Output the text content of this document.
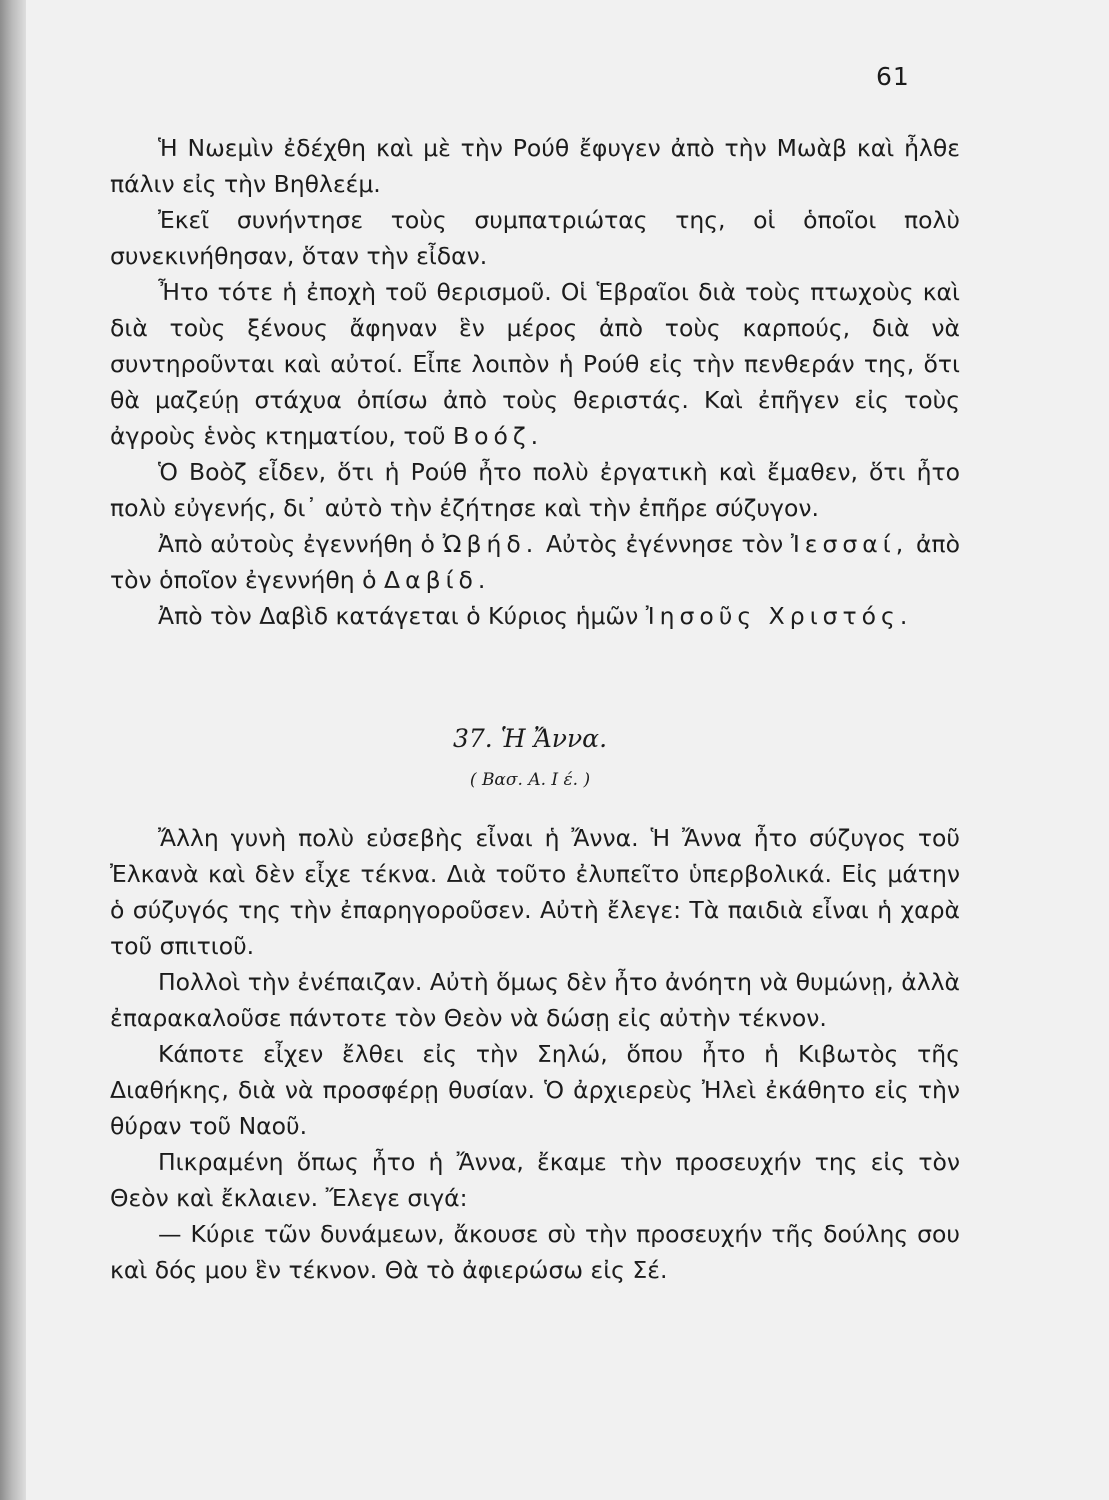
61

Ἡ Νωεμὶν ἐδέχθη καὶ μὲ τὴν Ρούθ ἔφυγεν ἀπὸ τὴν Μωὰβ καὶ ἦλθε πάλιν εἰς τὴν Βηθλεέμ.

Ἐκεῖ συνήντησε τοὺς συμπατριώτας της, οἱ ὁποῖοι πολὺ συνεκινήθησαν, ὅταν τὴν εἶδαν.

Ἦτο τότε ἡ ἐποχὴ τοῦ θερισμοῦ. Οἱ Ἑβραῖοι διὰ τοὺς πτωχοὺς καὶ διὰ τοὺς ξένους ἄφηναν ἓν μέρος ἀπὸ τοὺς καρπούς, διὰ νὰ συντηροῦνται καὶ αὐτοί. Εἶπε λοιπὸν ἡ Ρούθ εἰς τὴν πενθεράν της, ὅτι θὰ μαζεύῃ στάχυα ὀπίσω ἀπὸ τοὺς θεριστάς. Καὶ ἐπῆγεν εἰς τοὺς ἀγροὺς ἑνὸς κτηματίου, τοῦ Βοόζ.

Ὁ Βοὸζ εἶδεν, ὅτι ἡ Ρούθ ἦτο πολὺ ἐργατικὴ καὶ ἔμαθεν, ὅτι ἦτο πολὺ εὐγενής, δι᾽ αὐτὸ τὴν ἐζήτησε καὶ τὴν ἐπῆρε σύζυγον.

Ἀπὸ αὐτοὺς ἐγεννήθη ὁ Ὠβήδ. Αὐτὸς ἐγέννησε τὸν Ἰεσσαί, ἀπὸ τὸν ὁποῖον ἐγεννήθη ὁ Δαβίδ.

Ἀπὸ τὸν Δαβὶδ κατάγεται ὁ Κύριος ἡμῶν Ἰησοῦς Χριστός.

37. Ἡ Ἄννα.
( Βασ. Α. Ι έ. )

Ἄλλη γυνὴ πολὺ εὐσεβὴς εἶναι ἡ Ἄννα. Ἡ Ἄννα ἦτο σύζυγος τοῦ Ἐλκανὰ καὶ δὲν εἶχε τέκνα. Διὰ τοῦτο ἐλυπεῖτο ὑπερβολικά. Εἰς μάτην ὁ σύζυγός της τὴν ἐπαρηγοροῦσεν. Αὐτὴ ἔλεγε: Τὰ παιδιὰ εἶναι ἡ χαρὰ τοῦ σπιτιοῦ.

Πολλοὶ τὴν ἐνέπαιζαν. Αὐτὴ ὅμως δὲν ἦτο ἀνόητη νὰ θυμώνῃ, ἀλλὰ ἐπαρακαλοῦσε πάντοτε τὸν Θεὸν νὰ δώσῃ εἰς αὐτὴν τέκνον.

Κάποτε εἶχεν ἔλθει εἰς τὴν Σηλώ, ὅπου ἦτο ἡ Κιβωτὸς τῆς Διαθήκης, διὰ νὰ προσφέρῃ θυσίαν. Ὁ ἀρχιερεὺς Ἠλεὶ ἐκάθητο εἰς τὴν θύραν τοῦ Ναοῦ.

Πικραμένη ὅπως ἦτο ἡ Ἄννα, ἔκαμε τὴν προσευχήν της εἰς τὸν Θεὸν καὶ ἔκλαιεν. Ἔλεγε σιγά:

— Κύριε τῶν δυνάμεων, ἄκουσε σὺ τὴν προσευχήν τῆς δούλης σου καὶ δός μου ἓν τέκνον. Θὰ τὸ ἀφιερώσω εἰς Σέ.
